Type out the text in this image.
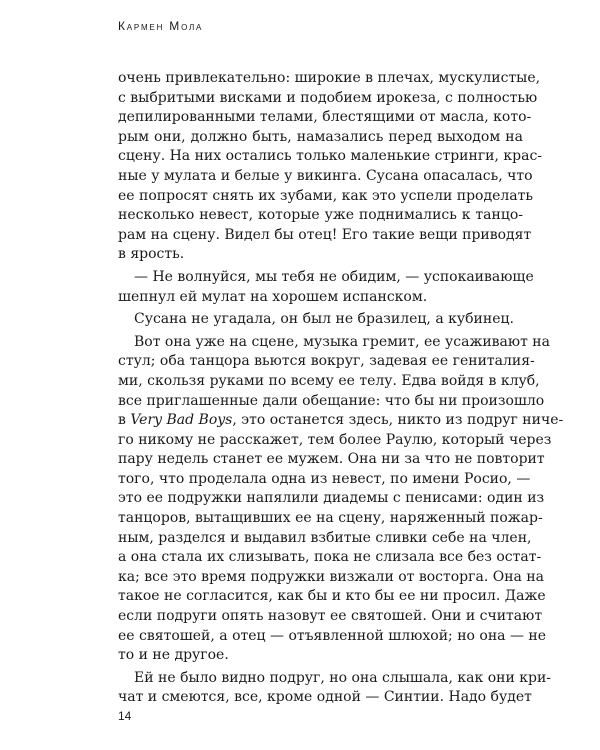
Кармен Мола
очень привлекательно: широкие в плечах, мускулистые,
с выбритыми висками и подобием ирокеза, с полностью
депилированными телами, блестящими от масла, кото-
рым они, должно быть, намазались перед выходом на
сцену. На них остались только маленькие стринги, крас-
ные у мулата и белые у викинга. Сусана опасалась, что
ее попросят снять их зубами, как это успели проделать
несколько невест, которые уже поднимались к танцо-
рам на сцену. Видел бы отец! Его такие вещи приводят
в ярость.
— Не волнуйся, мы тебя не обидим, — успокаивающе
шепнул ей мулат на хорошем испанском.
Сусана не угадала, он был не бразилец, а кубинец.
Вот она уже на сцене, музыка гремит, ее усаживают на
стул; оба танцора вьются вокруг, задевая ее гениталия-
ми, скользя руками по всему ее телу. Едва войдя в клуб,
все приглашенные дали обещание: что бы ни произошло
в Very Bad Boys, это останется здесь, никто из подруг ниче-
го никому не расскажет, тем более Раулю, который через
пару недель станет ее мужем. Она ни за что не повторит
того, что проделала одна из невест, по имени Росио, —
это ее подружки напялили диадемы с пенисами: один из
танцоров, вытащивших ее на сцену, наряженный пожар-
ным, разделся и выдавил взбитые сливки себе на член,
а она стала их слизывать, пока не слизала все без остат-
ка; все это время подружки визжали от восторга. Она на
такое не согласится, как бы и кто бы ее ни просил. Даже
если подруги опять назовут ее святошей. Они и считают
ее святошей, а отец — отъявленной шлюхой; но она — не
то и не другое.
Ей не было видно подруг, но она слышала, как они кри-
чат и смеются, все, кроме одной — Синтии. Надо будет
14
